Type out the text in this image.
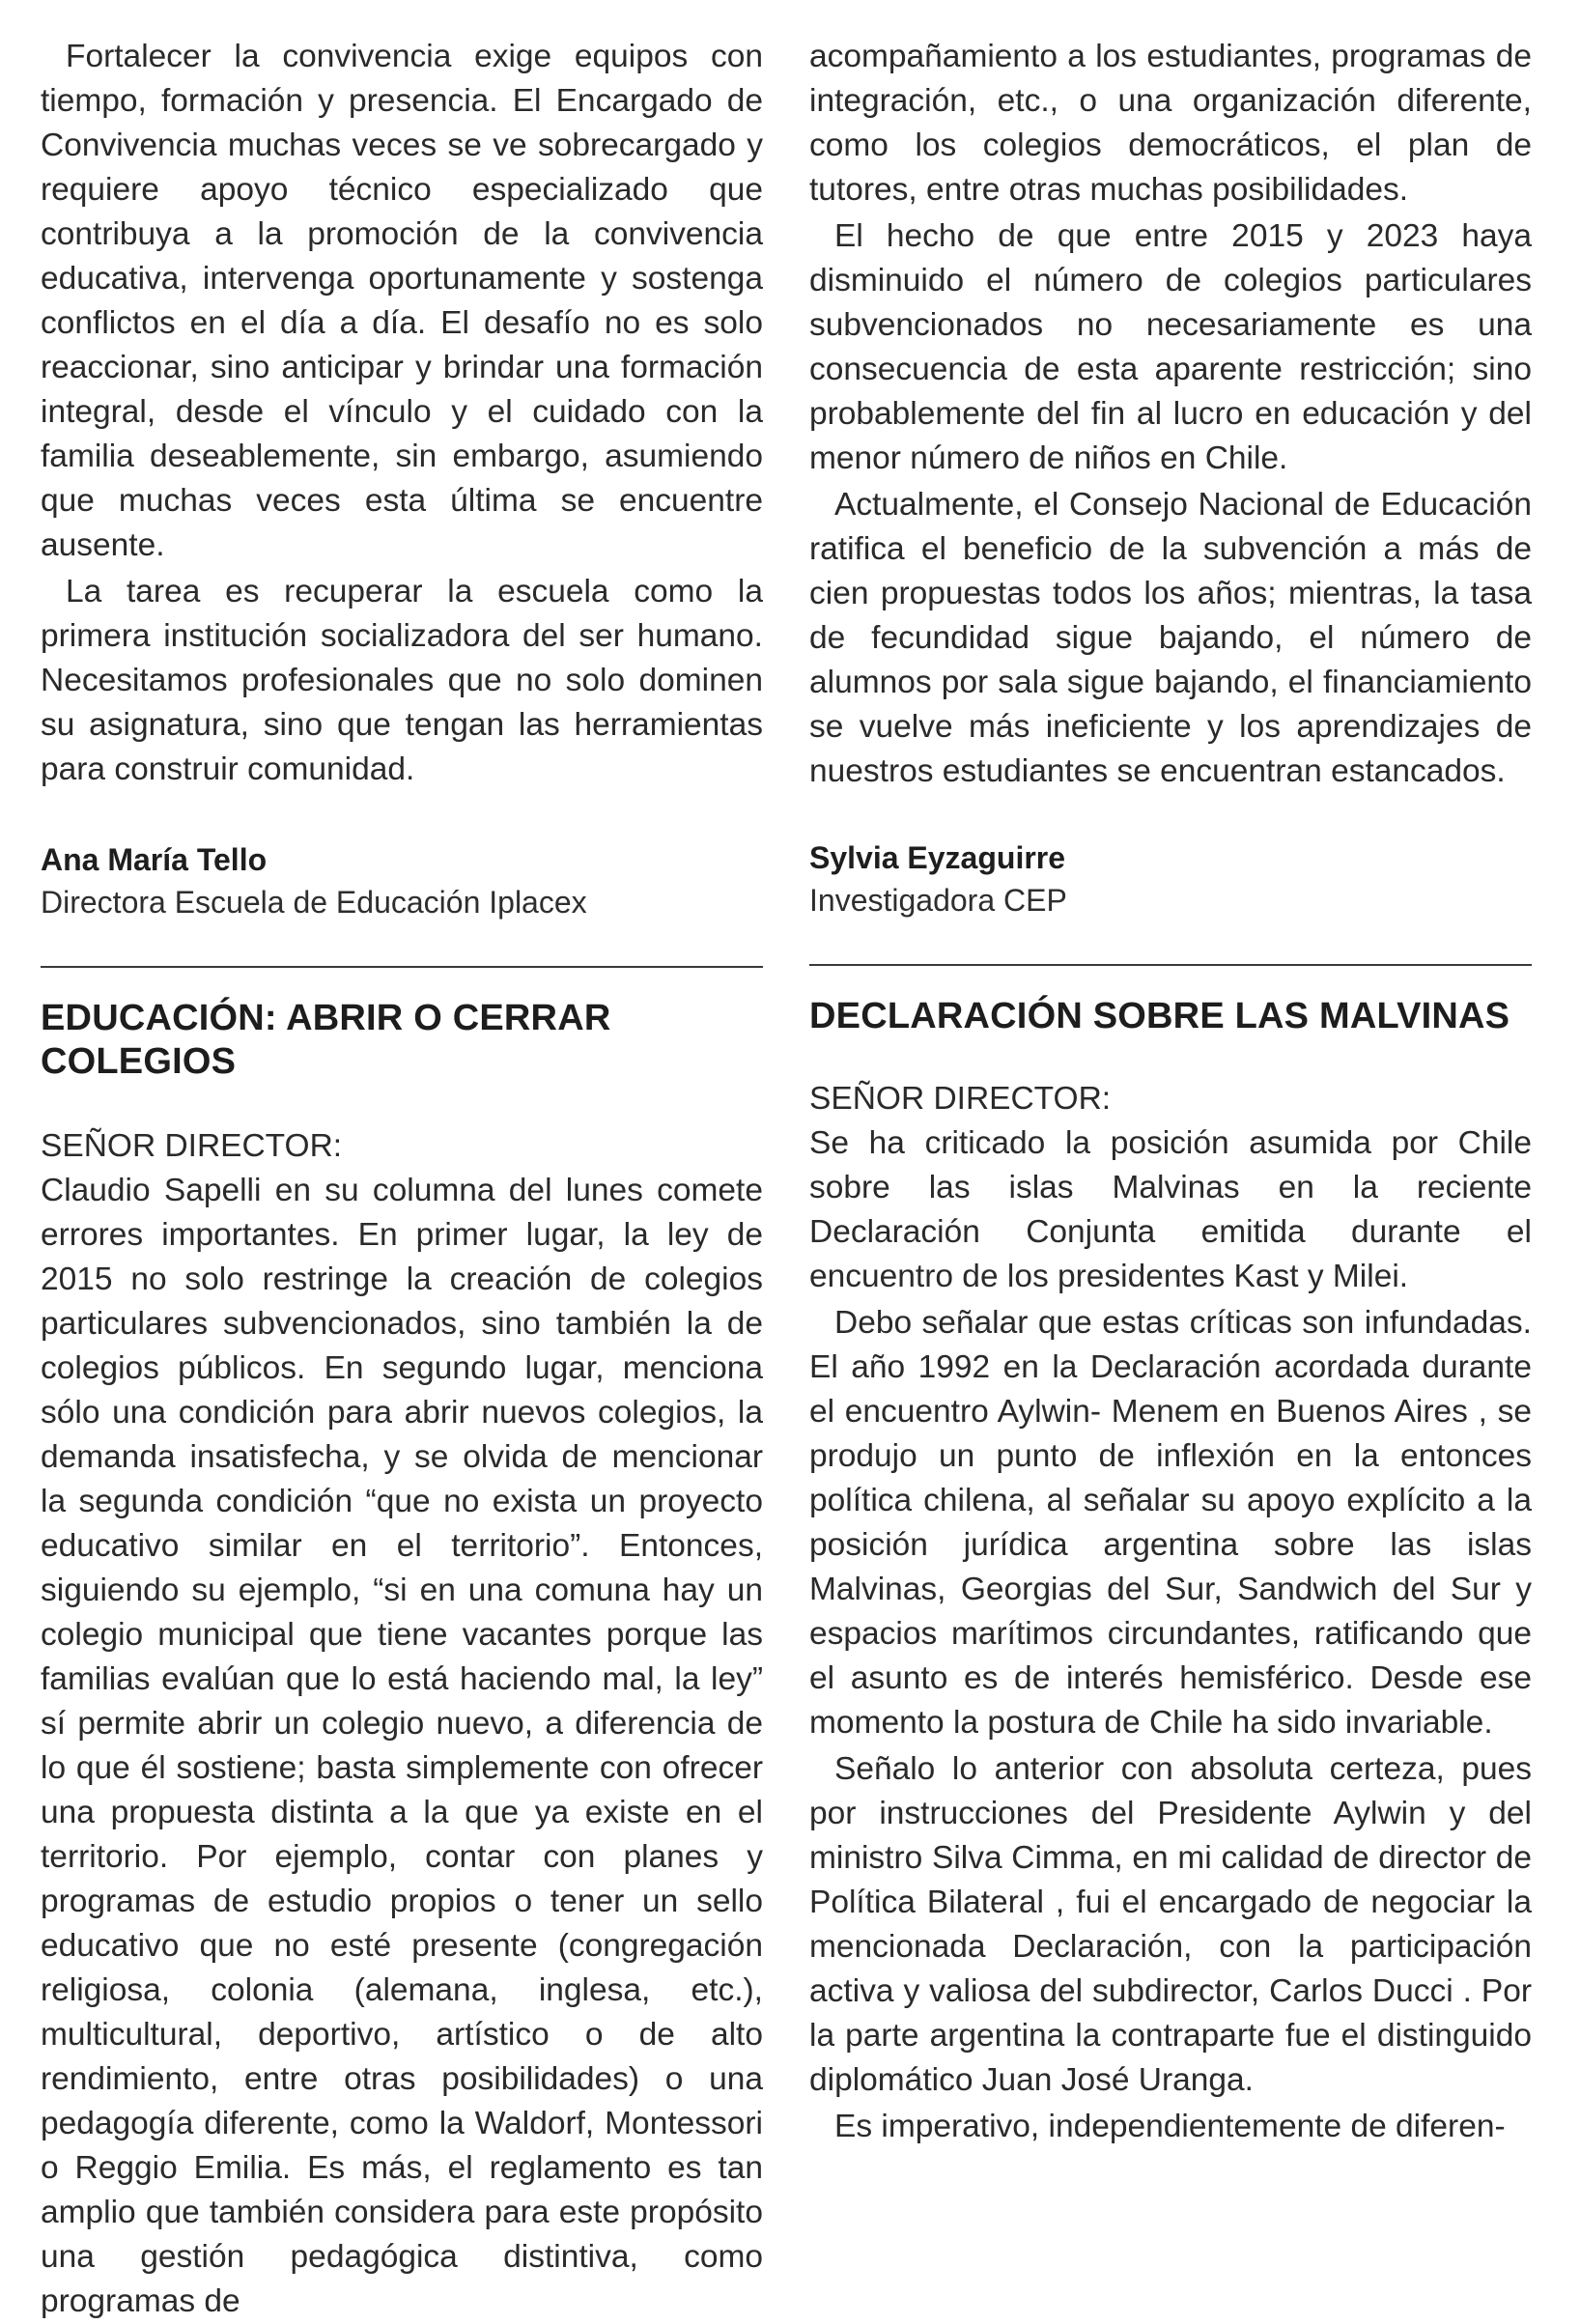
Fortalecer la convivencia exige equipos con tiempo, formación y presencia. El Encargado de Convivencia muchas veces se ve sobrecargado y requiere apoyo técnico especializado que contribuya a la promoción de la convivencia educativa, intervenga oportunamente y sostenga conflictos en el día a día. El desafío no es solo reaccionar, sino anticipar y brindar una formación integral, desde el vínculo y el cuidado con la familia deseablemente, sin embargo, asumiendo que muchas veces esta última se encuentre ausente.

La tarea es recuperar la escuela como la primera institución socializadora del ser humano. Necesitamos profesionales que no solo dominen su asignatura, sino que tengan las herramientas para construir comunidad.

Ana María Tello

Directora Escuela de Educación Iplacex

EDUCACIÓN: ABRIR O CERRAR COLEGIOS

SEÑOR DIRECTOR:

Claudio Sapelli en su columna del lunes comete errores importantes. En primer lugar, la ley de 2015 no solo restringe la creación de colegios particulares subvencionados, sino también la de colegios públicos. En segundo lugar, menciona sólo una condición para abrir nuevos colegios, la demanda insatisfecha, y se olvida de mencionar la segunda condición “que no exista un proyecto educativo similar en el territorio”. Entonces, siguiendo su ejemplo, “si en una comuna hay un colegio municipal que tiene vacantes porque las familias evalúan que lo está haciendo mal, la ley” sí permite abrir un colegio nuevo, a diferencia de lo que él sostiene; basta simplemente con ofrecer una propuesta distinta a la que ya existe en el territorio. Por ejemplo, contar con planes y programas de estudio propios o tener un sello educativo que no esté presente (congregación religiosa, colonia (alemana, inglesa, etc.), multicultural, deportivo, artístico o de alto rendimiento, entre otras posibilidades) o una pedagogía diferente, como la Waldorf, Montessori o Reggio Emilia. Es más, el reglamento es tan amplio que también considera para este propósito una gestión pedagógica distintiva, como programas de

acompañamiento a los estudiantes, programas de integración, etc., o una organización diferente, como los colegios democráticos, el plan de tutores, entre otras muchas posibilidades.

El hecho de que entre 2015 y 2023 haya disminuido el número de colegios particulares subvencionados no necesariamente es una consecuencia de esta aparente restricción; sino probablemente del fin al lucro en educación y del menor número de niños en Chile.

Actualmente, el Consejo Nacional de Educación ratifica el beneficio de la subvención a más de cien propuestas todos los años; mientras, la tasa de fecundidad sigue bajando, el número de alumnos por sala sigue bajando, el financiamiento se vuelve más ineficiente y los aprendizajes de nuestros estudiantes se encuentran estancados.

Sylvia Eyzaguirre

Investigadora CEP

DECLARACIÓN SOBRE LAS MALVINAS

SEÑOR DIRECTOR:

Se ha criticado la posición asumida por Chile sobre las islas Malvinas en la reciente Declaración Conjunta emitida durante el encuentro de los presidentes Kast y Milei.

Debo señalar que estas críticas son infundadas. El año 1992 en la Declaración acordada durante el encuentro Aylwin- Menem en Buenos Aires , se produjo un punto de inflexión en la entonces política chilena, al señalar su apoyo explícito a la posición jurídica argentina sobre las islas Malvinas, Georgias del Sur, Sandwich del Sur y espacios marítimos circundantes, ratificando que el asunto es de interés hemisférico. Desde ese momento la postura de Chile ha sido invariable.

Señalo lo anterior con absoluta certeza, pues por instrucciones del Presidente Aylwin y del ministro Silva Cimma, en mi calidad de director de Política Bilateral , fui el encargado de negociar la mencionada Declaración, con la participación activa y valiosa del subdirector, Carlos Ducci . Por la parte argentina la contraparte fue el distinguido diplomático Juan José Uranga.

Es imperativo, independientemente de diferen-
